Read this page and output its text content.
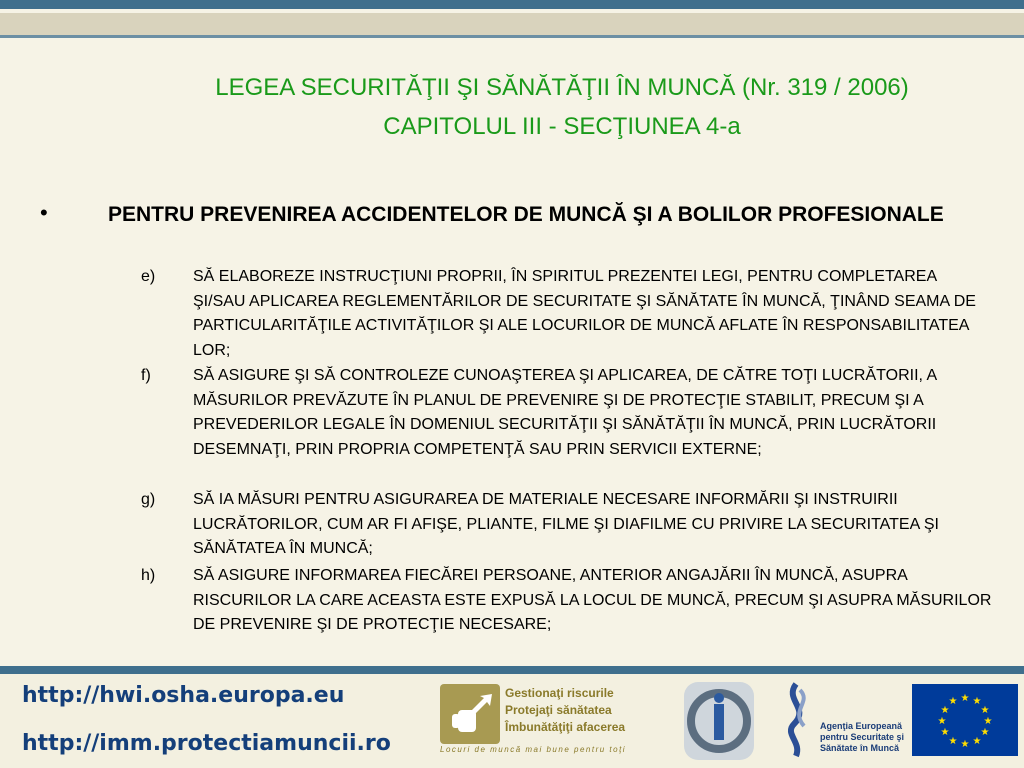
LEGEA SECURITĂŢII ŞI SĂNĂTĂŢII ÎN MUNCĂ (Nr. 319 / 2006)
CAPITOLUL III - SECŢIUNEA 4-a
•	PENTRU PREVENIREA ACCIDENTELOR DE MUNCĂ ŞI A BOLILOR PROFESIONALE
e) SĂ ELABOREZE INSTRUCŢIUNI PROPRII, ÎN SPIRITUL PREZENTEI LEGI, PENTRU COMPLETAREA ŞI/SAU APLICAREA REGLEMENTĂRILOR DE SECURITATE ŞI SĂNĂTATE ÎN MUNCĂ, ŢINÂND SEAMA DE PARTICULARITĂŢILE ACTIVITĂŢILOR ŞI ALE LOCURILOR DE MUNCĂ AFLATE ÎN RESPONSABILITATEA LOR;
f)	SĂ ASIGURE ŞI SĂ CONTROLEZE CUNOAŞTEREA ŞI APLICAREA, DE CĂTRE TOŢI LUCRĂTORII, A MĂSURILOR PREVĂZUTE ÎN PLANUL DE PREVENIRE ŞI DE PROTECŢIE STABILIT, PRECUM ŞI A PREVEDERILOR LEGALE ÎN DOMENIUL SECURITĂŢII ŞI SĂNĂTĂŢII ÎN MUNCĂ, PRIN LUCRĂTORII DESEMNAŢI, PRIN PROPRIA COMPETENŢĂ SAU PRIN SERVICII EXTERNE;
g) SĂ IA MĂSURI PENTRU ASIGURAREA DE MATERIALE NECESARE INFORMĂRII ŞI INSTRUIRII LUCRĂTORILOR, CUM AR FI AFIŞE, PLIANTE, FILME ŞI DIAFILME CU PRIVIRE LA SECURITATEA ŞI SĂNĂTATEA ÎN MUNCĂ;
h) SĂ ASIGURE INFORMAREA FIECĂREI PERSOANE, ANTERIOR ANGAJĂRII ÎN MUNCĂ, ASUPRA RISCURILOR LA CARE ACEASTA ESTE EXPUSĂ LA LOCUL DE MUNCĂ, PRECUM ŞI ASUPRA MĂSURILOR DE PREVENIRE ŞI DE PROTECŢIE NECESARE;
http://hwi.osha.europa.eu
http://imm.protectiamuncii.ro
Gestionaţi riscurile
Protejaţi sănătatea
Îmbunătăţiţi afacerea
Locuri de muncă mai bune pentru toţi
Agenţia Europeană
pentru Securitate şi
Sănătate în Muncă
★ ★
★
★
★
★
★
★
★
★
★
★
